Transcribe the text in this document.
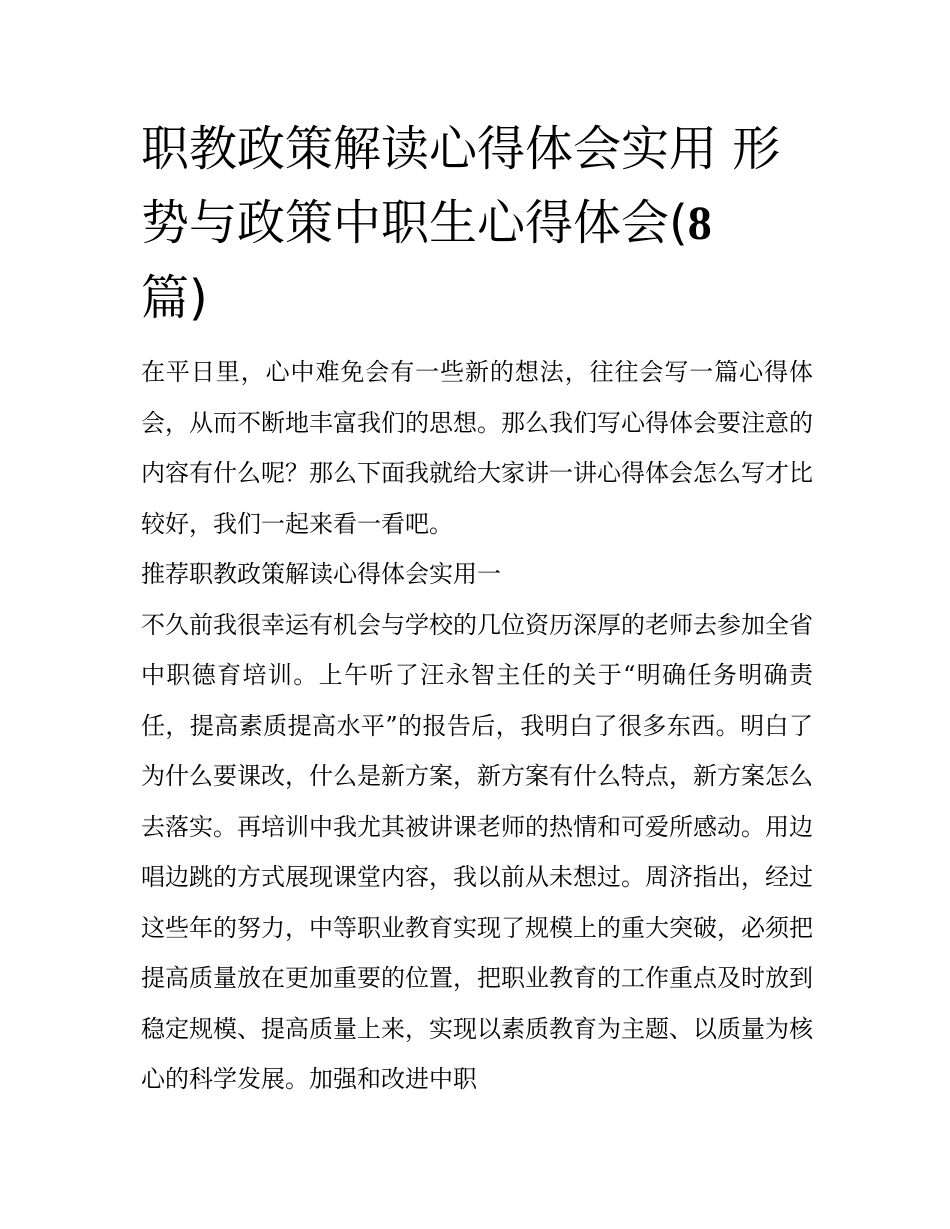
职教政策解读心得体会实用 形势与政策中职生心得体会(8
篇)

在平日里，心中难免会有一些新的想法，往往会写一篇心得体会，从而不断地丰富我们的思想。那么我们写心得体会要注意的内容有什么呢？那么下面我就给大家讲一讲心得体会怎么写才比较好，我们一起来看一看吧。

推荐职教政策解读心得体会实用一

不久前我很幸运有机会与学校的几位资历深厚的老师去参加全省中职德育培训。上午听了汪永智主任的关于“明确任务明确责任，提高素质提高水平”的报告后，我明白了很多东西。明白了为什么要课改，什么是新方案，新方案有什么特点，新方案怎么去落实。再培训中我尤其被讲课老师的热情和可爱所感动。用边唱边跳的方式展现课堂内容，我以前从未想过。周济指出，经过这些年的努力，中等职业教育实现了规模上的重大突破，必须把提高质量放在更加重要的位置，把职业教育的工作重点及时放到稳定规模、提高质量上来，实现以素质教育为主题、以质量为核心的科学发展。加强和改进中职
